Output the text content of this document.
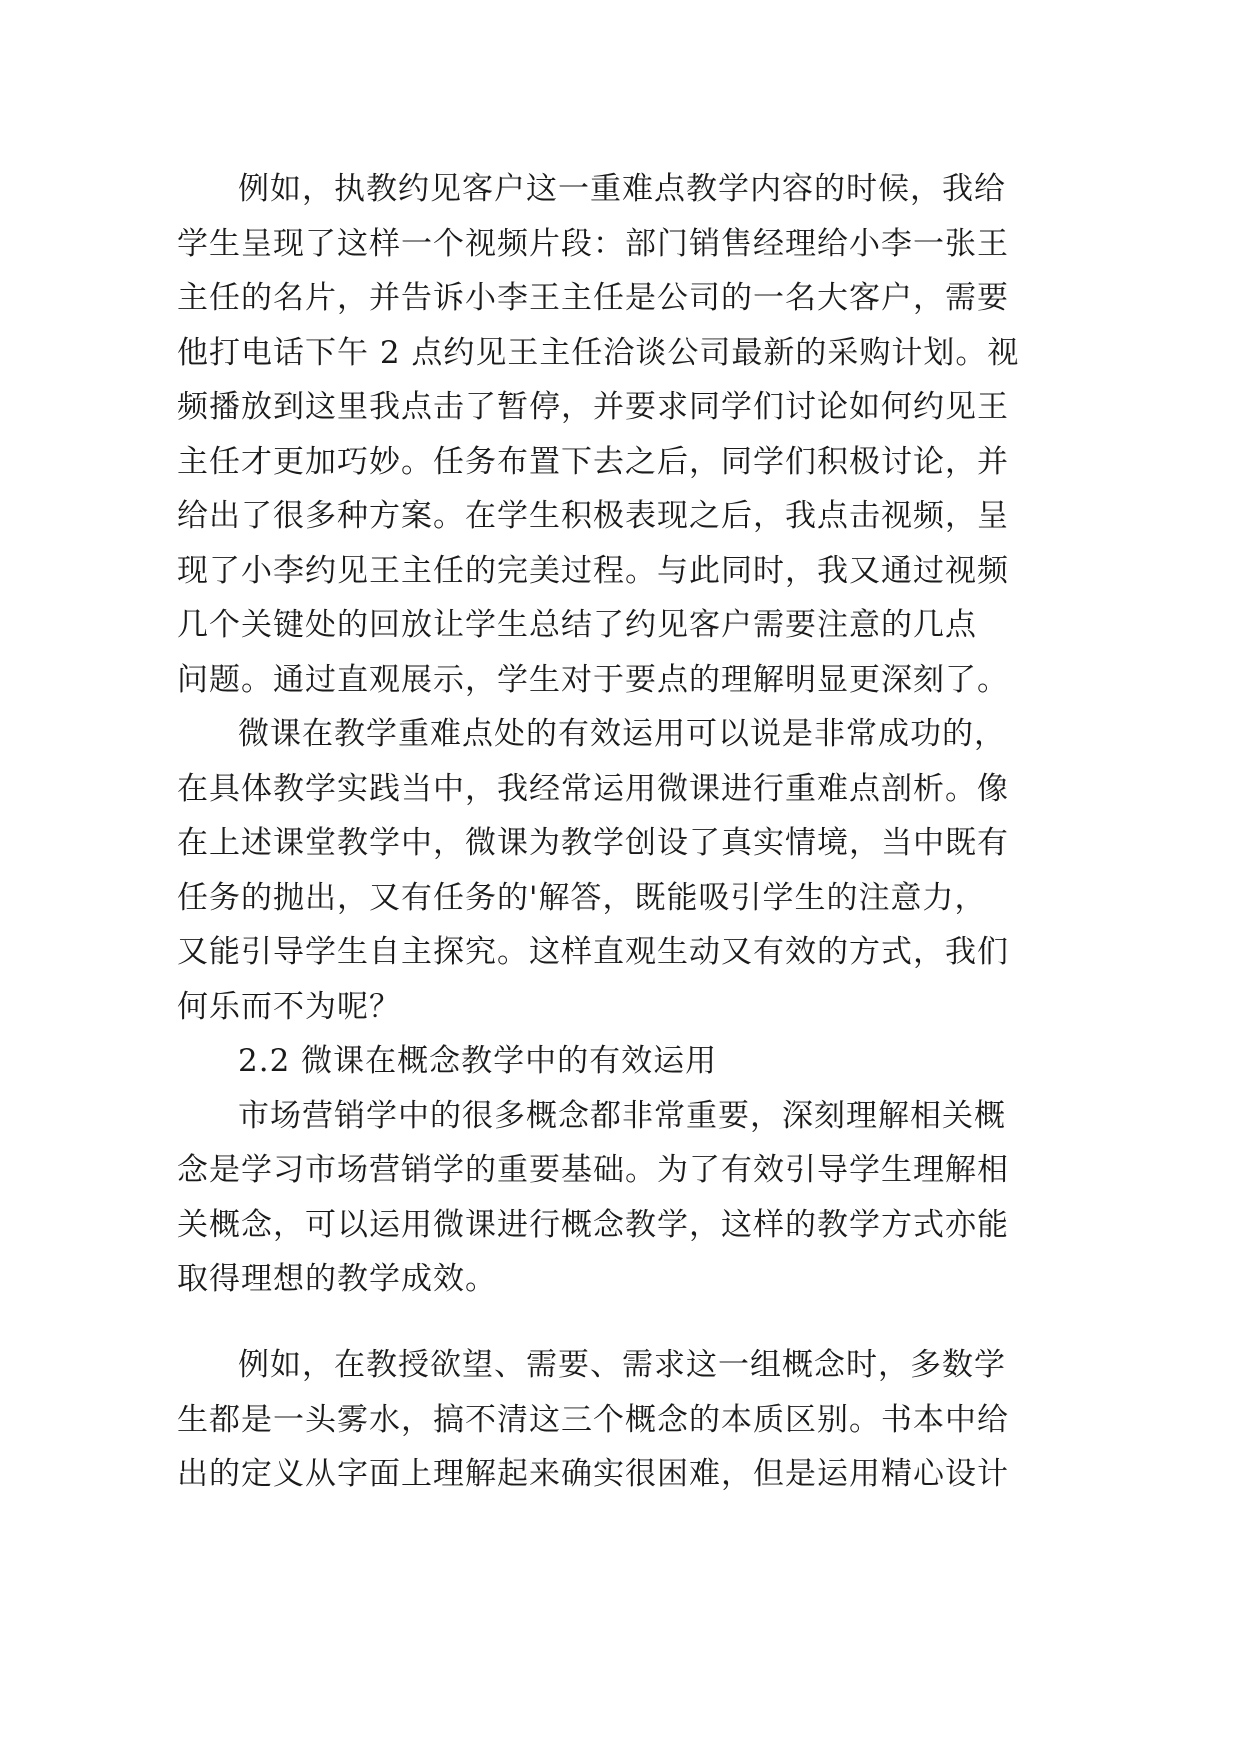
例如，执教约见客户这一重难点教学内容的时候，我给
学生呈现了这样一个视频片段：部门销售经理给小李一张王
主任的名片，并告诉小李王主任是公司的一名大客户，需要
他打电话下午 2 点约见王主任洽谈公司最新的采购计划。视
频播放到这里我点击了暂停，并要求同学们讨论如何约见王
主任才更加巧妙。任务布置下去之后，同学们积极讨论，并
给出了很多种方案。在学生积极表现之后，我点击视频，呈
现了小李约见王主任的完美过程。与此同时，我又通过视频
几个关键处的回放让学生总结了约见客户需要注意的几点
问题。通过直观展示，学生对于要点的理解明显更深刻了。
微课在教学重难点处的有效运用可以说是非常成功的，
在具体教学实践当中，我经常运用微课进行重难点剖析。像
在上述课堂教学中，微课为教学创设了真实情境，当中既有
任务的抛出，又有任务的'解答，既能吸引学生的注意力，
又能引导学生自主探究。这样直观生动又有效的方式，我们
何乐而不为呢？
2.2 微课在概念教学中的有效运用
市场营销学中的很多概念都非常重要，深刻理解相关概
念是学习市场营销学的重要基础。为了有效引导学生理解相
关概念，可以运用微课进行概念教学，这样的教学方式亦能
取得理想的教学成效。
例如，在教授欲望、需要、需求这一组概念时，多数学
生都是一头雾水，搞不清这三个概念的本质区别。书本中给
出的定义从字面上理解起来确实很困难，但是运用精心设计
